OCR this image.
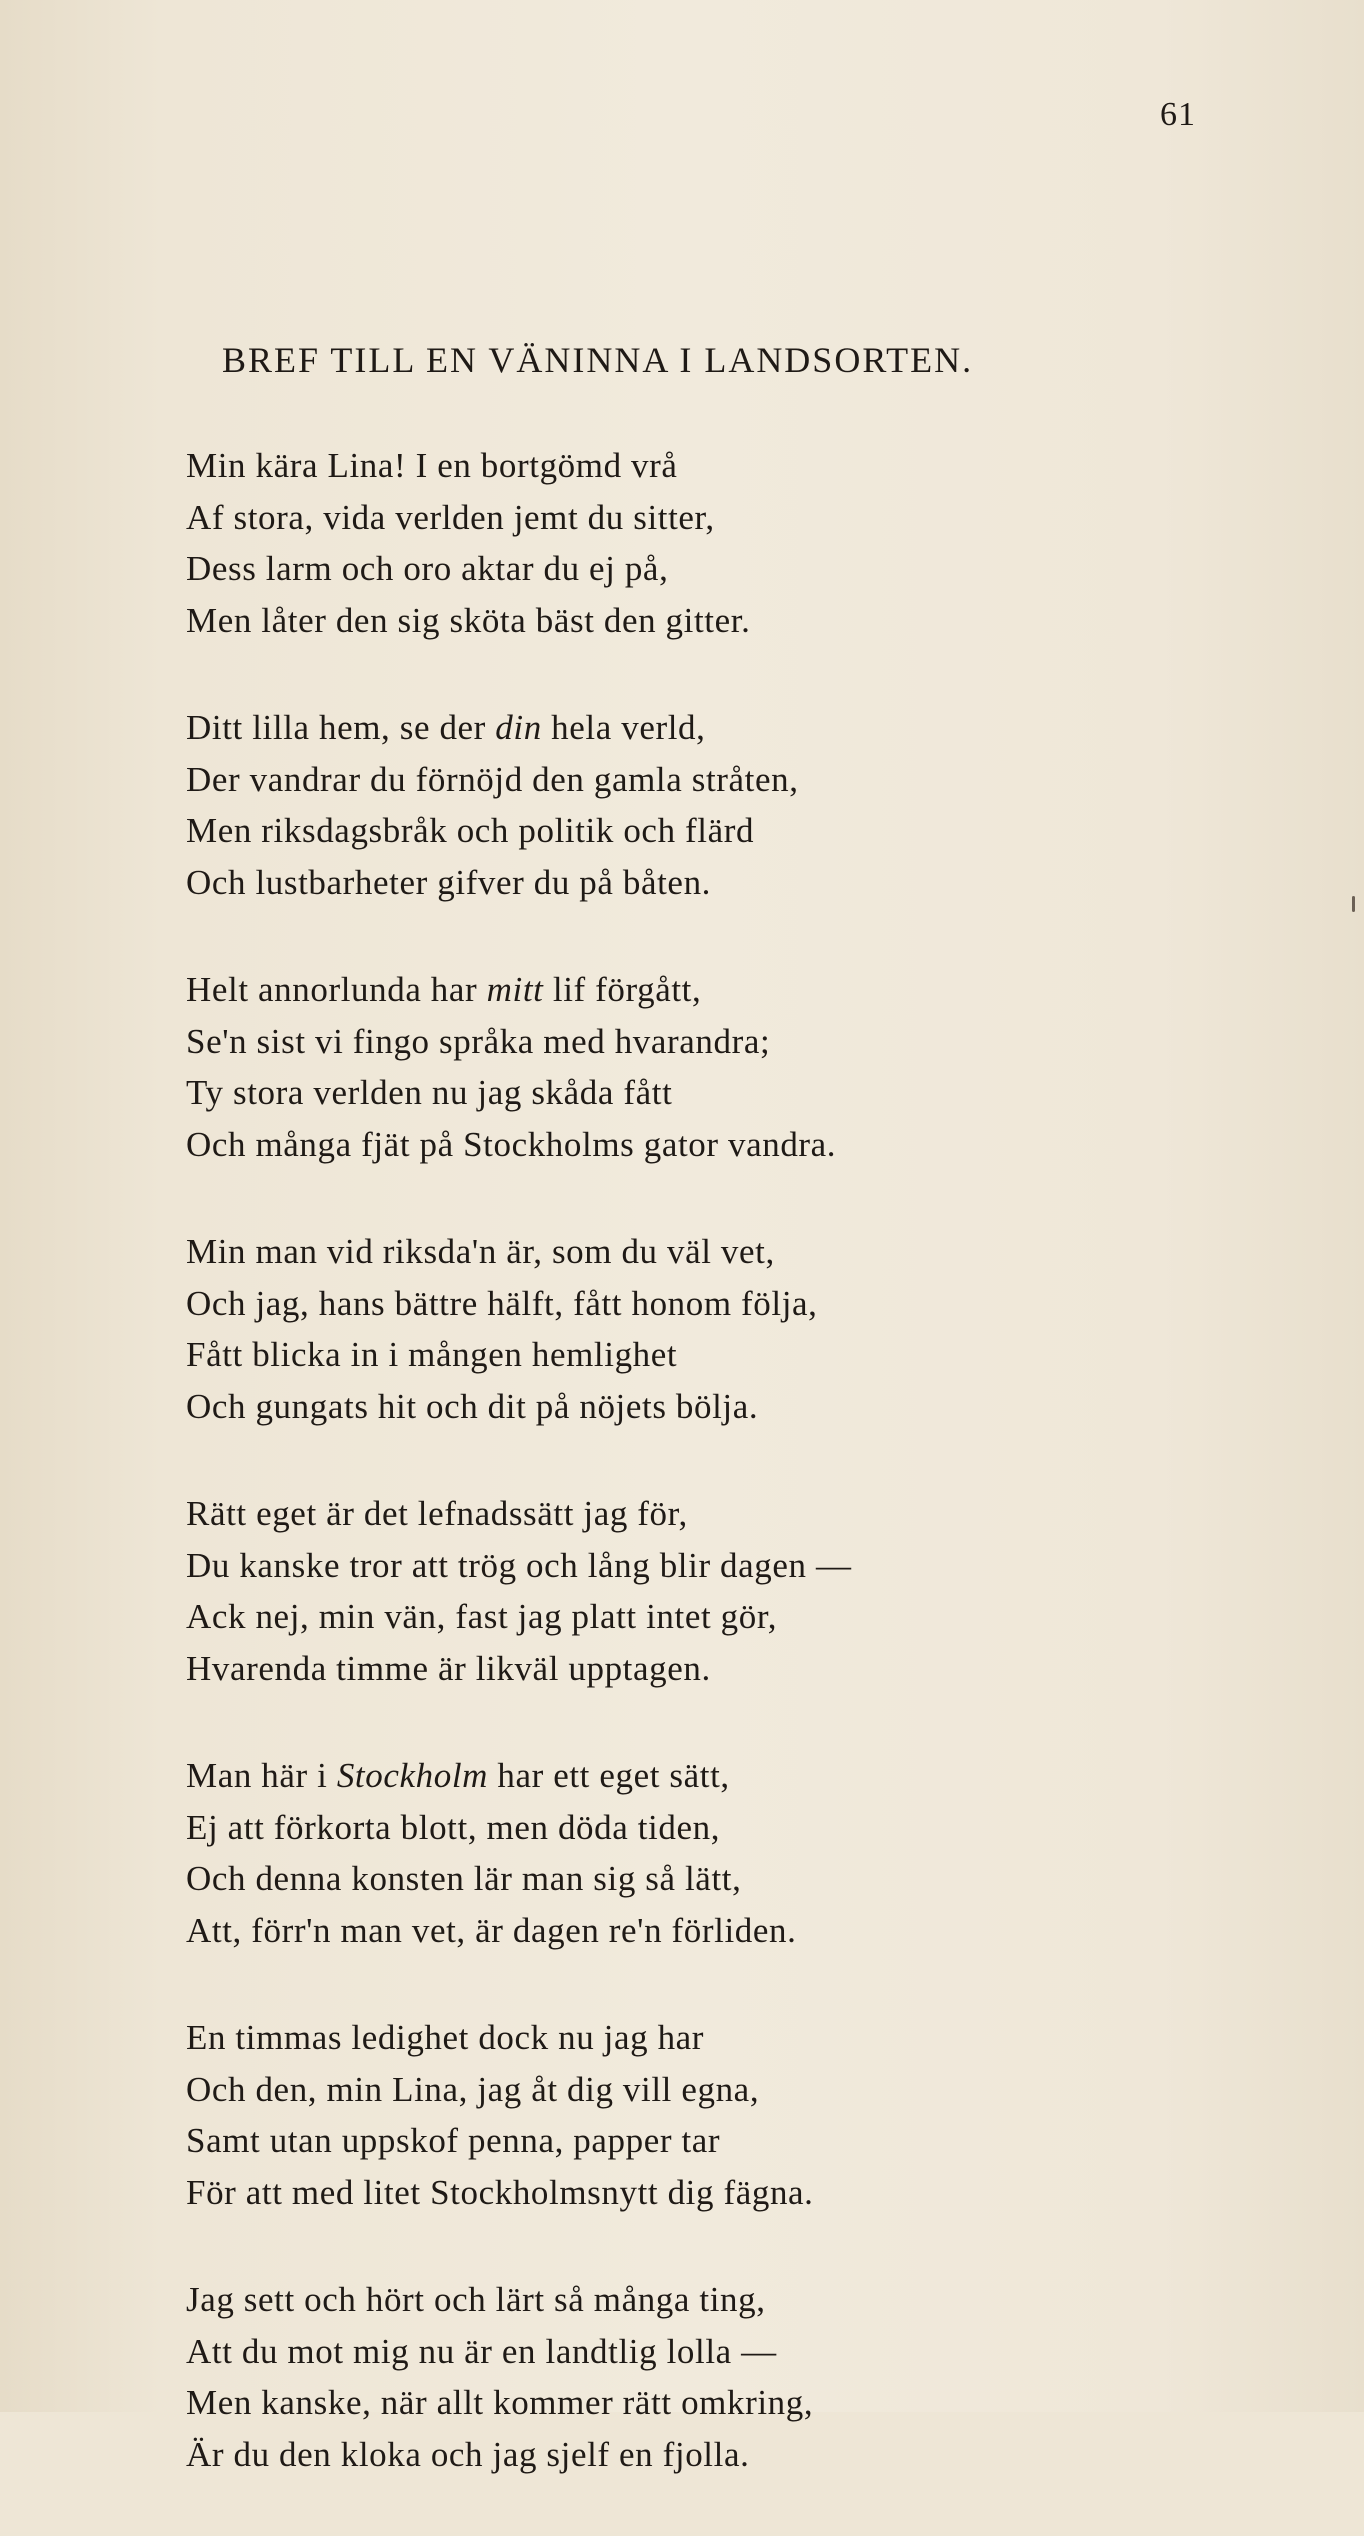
61
BREF TILL EN VÄNINNA I LANDSORTEN.
Min kära Lina! I en bortgömd vrå
Af stora, vida verlden jemt du sitter,
Dess larm och oro aktar du ej på,
Men låter den sig sköta bäst den gitter.
Ditt lilla hem, se der din hela verld,
Der vandrar du förnöjd den gamla stråten,
Men riksdagsbråk och politik och flärd
Och lustbarheter gifver du på båten.
Helt annorlunda har mitt lif förgått,
Se'n sist vi fingo språka med hvarandra;
Ty stora verlden nu jag skåda fått
Och många fjät på Stockholms gator vandra.
Min man vid riksda'n är, som du väl vet,
Och jag, hans bättre hälft, fått honom följa,
Fått blicka in i mången hemlighet
Och gungats hit och dit på nöjets bölja.
Rätt eget är det lefnadssätt jag för,
Du kanske tror att trög och lång blir dagen —
Ack nej, min vän, fast jag platt intet gör,
Hvarenda timme är likväl upptagen.
Man här i Stockholm har ett eget sätt,
Ej att förkorta blott, men döda tiden,
Och denna konsten lär man sig så lätt,
Att, förr'n man vet, är dagen re'n förliden.
En timmas ledighet dock nu jag har
Och den, min Lina, jag åt dig vill egna,
Samt utan uppskof penna, papper tar
För att med litet Stockholmsnytt dig fägna.
Jag sett och hört och lärt så många ting,
Att du mot mig nu är en landtlig lolla —
Men kanske, när allt kommer rätt omkring,
Är du den kloka och jag sjelf en fjolla.
